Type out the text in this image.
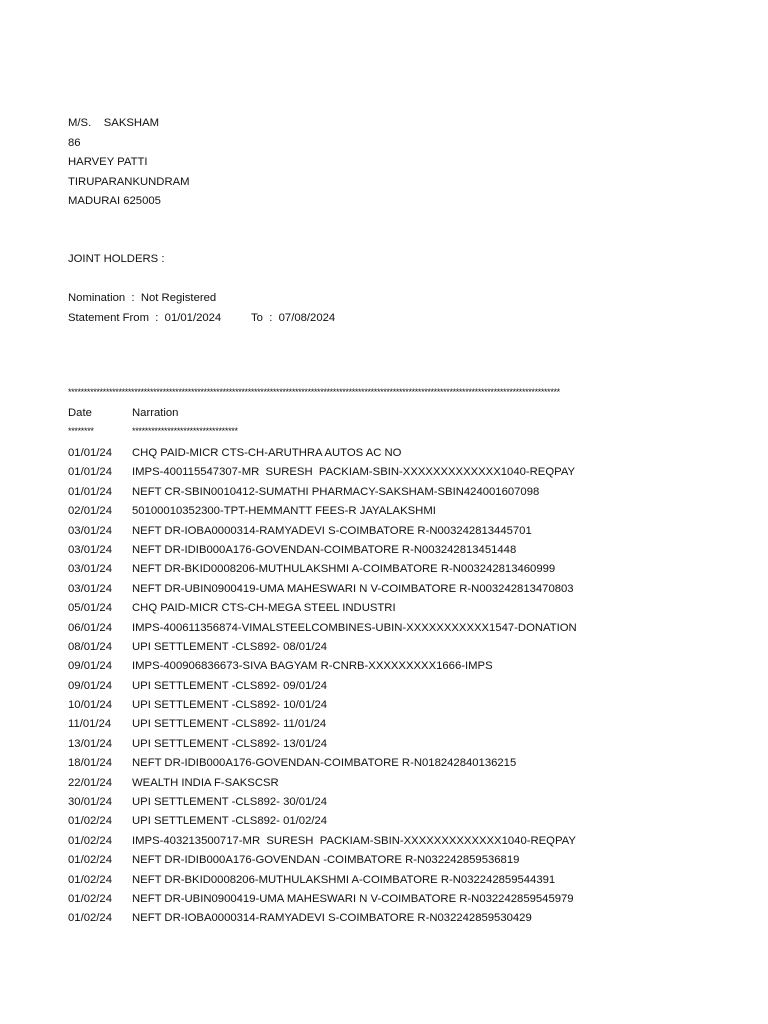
M/S.    SAKSHAM
86
HARVEY PATTI
TIRUPARANKUNDRAM
MADURAI 625005
JOINT HOLDERS :
Nomination  :  Not Registered
Statement From  :  01/01/2024	To  :  07/08/2024
************************************************************************************************************************************************************
Date	Narration
********	*********************************
01/01/24 CHQ PAID-MICR CTS-CH-ARUTHRA AUTOS AC NO
01/01/24 IMPS-400115547307-MR  SURESH  PACKIAM-SBIN-XXXXXXXXXXXXX1040-REQPAY
01/01/24 NEFT CR-SBIN0010412-SUMATHI PHARMACY-SAKSHAM-SBIN424001607098
02/01/24 50100010352300-TPT-HEMMANTT FEES-R JAYALAKSHMI
03/01/24 NEFT DR-IOBA0000314-RAMYADEVI S-COIMBATORE R-N003242813445701
03/01/24 NEFT DR-IDIB000A176-GOVENDAN-COIMBATORE R-N003242813451448
03/01/24 NEFT DR-BKID0008206-MUTHULAKSHMI A-COIMBATORE R-N003242813460999
03/01/24 NEFT DR-UBIN0900419-UMA MAHESWARI N V-COIMBATORE R-N003242813470803
05/01/24 CHQ PAID-MICR CTS-CH-MEGA STEEL INDUSTRI
06/01/24 IMPS-400611356874-VIMALSTEELCOMBINES-UBIN-XXXXXXXXXXX1547-DONATION
08/01/24 UPI SETTLEMENT -CLS892- 08/01/24
09/01/24 IMPS-400906836673-SIVA BAGYAM R-CNRB-XXXXXXXXX1666-IMPS
09/01/24 UPI SETTLEMENT -CLS892- 09/01/24
10/01/24 UPI SETTLEMENT -CLS892- 10/01/24
11/01/24 UPI SETTLEMENT -CLS892- 11/01/24
13/01/24 UPI SETTLEMENT -CLS892- 13/01/24
18/01/24 NEFT DR-IDIB000A176-GOVENDAN-COIMBATORE R-N018242840136215
22/01/24 WEALTH INDIA F-SAKSCSR
30/01/24 UPI SETTLEMENT -CLS892- 30/01/24
01/02/24 UPI SETTLEMENT -CLS892- 01/02/24
01/02/24 IMPS-403213500717-MR  SURESH  PACKIAM-SBIN-XXXXXXXXXXXXX1040-REQPAY
01/02/24 NEFT DR-IDIB000A176-GOVENDAN -COIMBATORE R-N032242859536819
01/02/24 NEFT DR-BKID0008206-MUTHULAKSHMI A-COIMBATORE R-N032242859544391
01/02/24 NEFT DR-UBIN0900419-UMA MAHESWARI N V-COIMBATORE R-N032242859545979
01/02/24 NEFT DR-IOBA0000314-RAMYADEVI S-COIMBATORE R-N032242859530429
